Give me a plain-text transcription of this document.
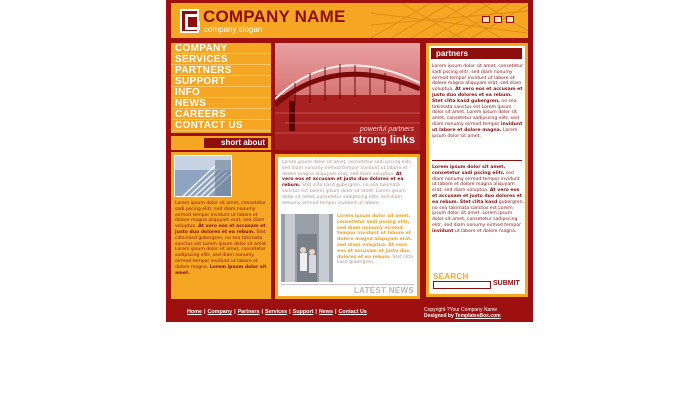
COMPANY NAME
company slogan
COMPANY
SERVICES
PARTNERS
SUPPORT
INFO
NEWS
CAREERS
CONTACT US
short about
Lorem ipsum dolor sit amet, consetetur sadi pscing elitr, sed diam nonumy eirmod tempor invidunt ut labore et dolore magna aliquyam erat, sed diam voluptua. At vero eos et accusam et justo duo dolores et ea rebum. Stet clita kasd gubergren, no sea takimata sanctus est Lorem ipsum dolor sit amet. Lorem ipsum dolor sit amet, consetetur sadipscing elitr, sed diam nonumy eirmod tempor invidunt ut labore et dolore magna. Lorem ipsum dolor sit amet.
powerful partners
strong links
Lorem ipsum dolor sit amet, consetetur sadi pscing elitr, sed diam nonumy eirmod tempor invidunt ut labore et dolore magna aliquyam erat, sed diam voluptua. At vero eos et accusam et justo duo dolores et ea rebum. Stet clita kasd gubergren, no sea takimata sanctus est Lorem ipsum dolor sit amet. Lorem ipsum dolor sit amet, consetetur sadipscing elitr, sed diam nonumy eirmod tempor invidunt ut labore.
Lorem ipsum dolor sit amet, consetetur sadi pscing elitr, sed diam nonumy eirmod tempor invidunt ut labore et dolore magna aliquyam erat, sed diam voluptua. At vero eos et accusam et justo duo dolores et ea rebum. Stet clita kasd gubergren.
LATEST NEWS
partners
Lorem ipsum dolor sit amet, consetetur sadi pscing elitr, sed diam nonumy eirmod tempor invidunt ut labore et dolore magna aliquyam erat, sed diam voluptua. At vero eos et accusam et justo duo dolores et ea rebum. Stet clita kasd gubergren, no sea takimata sanctus est Lorem ipsum dolor sit amet. Lorem ipsum dolor sit amet, consetetur sadipscing elitr, sed diam nonumy eirmod tempor invidunt ut labore et dolore magna. Lorem ipsum dolor sit amet.
Lorem ipsum dolor sit amet, consetetur sadi pscing elitr, sed diam nonumy eirmod tempor invidunt ut labore et dolore magna aliquyam erat, sed diam voluptua. At vero eos et accusam et justo duo dolores et ea rebum. Stet clita kasd gubergren, no sea takimata sanctus est Lorem ipsum dolor sit amet. Lorem ipsum dolor sit amet, consetetur sadipscing elitr, sed diam nonumy eirmod tempor invidunt ut labore et dolore magna.
SEARCH
SUBMIT
Home | Company | Partners | Services | Support | News | Contact Us	Copyright ?Your Company Name
Designed by TemplatesBox.com
